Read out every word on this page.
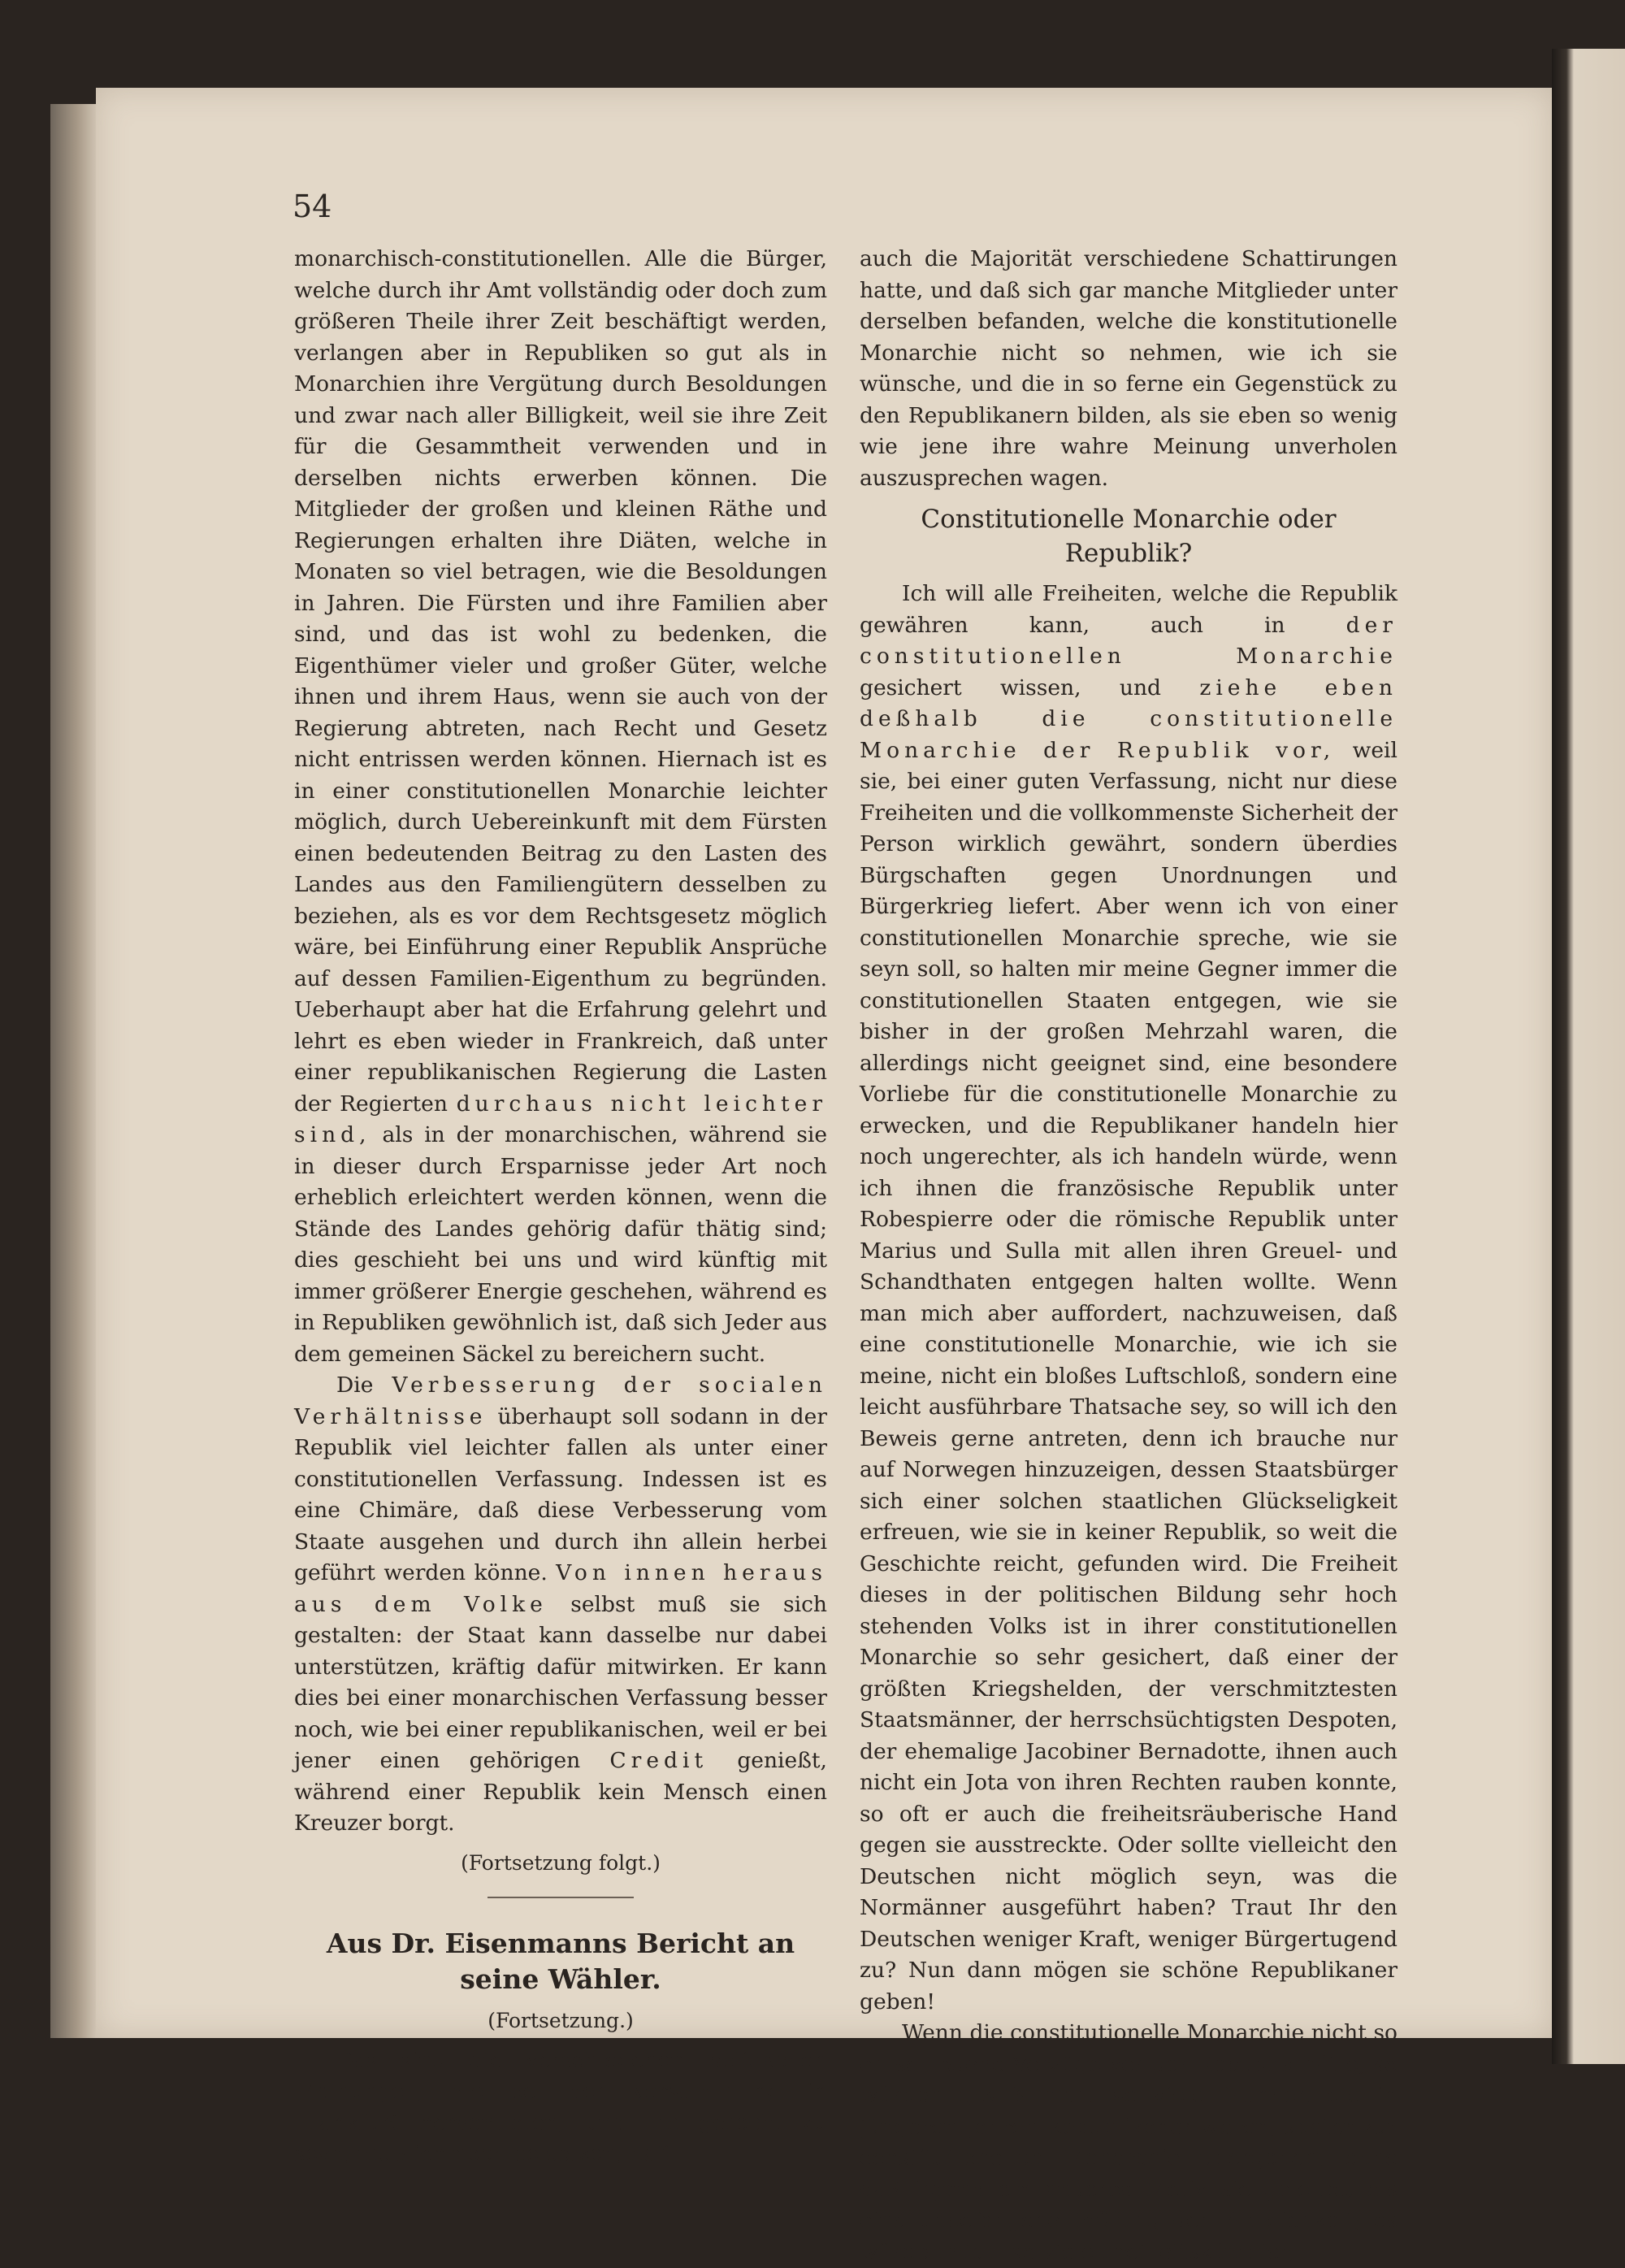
54

monarchisch-constitutionellen. Alle die Bürger, welche durch ihr Amt vollständig oder doch zum größeren Theile ihrer Zeit beschäftigt werden, verlangen aber in Republiken so gut als in Monarchien ihre Vergütung durch Besoldungen und zwar nach aller Billigkeit, weil sie ihre Zeit für die Gesammtheit verwenden und in derselben nichts erwerben können. Die Mitglieder der großen und kleinen Räthe und Regierungen erhalten ihre Diäten, welche in Monaten so viel betragen, wie die Besoldungen in Jahren. Die Fürsten und ihre Familien aber sind, und das ist wohl zu bedenken, die Eigenthümer vieler und großer Güter, welche ihnen und ihrem Haus, wenn sie auch von der Regierung abtreten, nach Recht und Gesetz nicht entrissen werden können. Hiernach ist es in einer constitutionellen Monarchie leichter möglich, durch Uebereinkunft mit dem Fürsten einen bedeutenden Beitrag zu den Lasten des Landes aus den Familiengütern desselben zu beziehen, als es vor dem Rechtsgesetz möglich wäre, bei Einführung einer Republik Ansprüche auf dessen Familien-Eigenthum zu begründen. Ueberhaupt aber hat die Erfahrung gelehrt und lehrt es eben wieder in Frankreich, daß unter einer republikanischen Regierung die Lasten der Regierten durchaus nicht leichter sind, als in der monarchischen, während sie in dieser durch Ersparnisse jeder Art noch erheblich erleichtert werden können, wenn die Stände des Landes gehörig dafür thätig sind; dies geschieht bei uns und wird künftig mit immer größerer Energie geschehen, während es in Republiken gewöhnlich ist, daß sich Jeder aus dem gemeinen Säckel zu bereichern sucht.

Die Verbesserung der socialen Verhältnisse überhaupt soll sodann in der Republik viel leichter fallen als unter einer constitutionellen Verfassung. Indessen ist es eine Chimäre, daß diese Verbesserung vom Staate ausgehen und durch ihn allein herbei geführt werden könne. Von innen heraus aus dem Volke selbst muß sie sich gestalten: der Staat kann dasselbe nur dabei unterstützen, kräftig dafür mitwirken. Er kann dies bei einer monarchischen Verfassung besser noch, wie bei einer republikanischen, weil er bei jener einen gehörigen Credit genießt, während einer Republik kein Mensch einen Kreuzer borgt.

(Fortsetzung folgt.)
Aus Dr. Eisenmanns Bericht an
seine Wähler.
(Fortsetzung.)

Das sind die verschiedenen politischen Meinungen, die bei der Versammlung in Frankfurt hervortraten, und um gerecht zu seyn, muß ich noch beisetzen, daß

auch die Majorität verschiedene Schattirungen hatte, und daß sich gar manche Mitglieder unter derselben befanden, welche die konstitutionelle Monarchie nicht so nehmen, wie ich sie wünsche, und die in so ferne ein Gegenstück zu den Republikanern bilden, als sie eben so wenig wie jene ihre wahre Meinung unverholen auszusprechen wagen.

Constitutionelle Monarchie oder Republik?

Ich will alle Freiheiten, welche die Republik gewähren kann, auch in	der constitutionellen Monarchie gesichert wissen, und ziehe eben deßhalb die constitutionelle Monarchie der Republik vor, weil sie, bei einer guten Verfassung, nicht nur diese Freiheiten und die vollkommenste Sicherheit der Person wirklich gewährt, sondern überdies Bürgschaften gegen Unordnungen und Bürgerkrieg liefert. Aber wenn ich von einer constitutionellen Monarchie spreche, wie sie seyn soll, so halten mir meine Gegner immer die constitutionellen Staaten entgegen, wie sie bisher in der großen Mehrzahl waren, die allerdings nicht geeignet sind, eine besondere Vorliebe für die constitutionelle Monarchie zu erwecken, und die Republikaner handeln hier noch ungerechter, als ich handeln würde, wenn ich ihnen die französische Republik unter Robespierre oder die römische Republik unter Marius und Sulla mit allen ihren Greuel- und Schandthaten entgegen halten wollte. Wenn man mich aber auffordert, nachzuweisen, daß eine constitutionelle Monarchie, wie ich sie meine, nicht ein bloßes Luftschloß, sondern eine leicht ausführbare Thatsache sey, so will ich den Beweis gerne antreten, denn ich brauche nur auf Norwegen hinzuzeigen, dessen Staatsbürger sich einer solchen staatlichen Glückseligkeit erfreuen, wie sie in keiner Republik, so weit die Geschichte reicht, gefunden wird. Die Freiheit dieses in der politischen Bildung sehr hoch stehenden Volks ist in ihrer constitutionellen Monarchie so sehr gesichert, daß einer der größten Kriegshelden, der verschmitztesten Staatsmänner, der herrschsüchtigsten Despoten, der ehemalige Jacobiner Bernadotte, ihnen auch nicht ein Jota von ihren Rechten rauben konnte, so oft er auch die freiheitsräuberische Hand gegen sie ausstreckte. Oder sollte vielleicht den Deutschen nicht möglich seyn, was die Normänner ausgeführt haben? Traut Ihr den Deutschen weniger Kraft, weniger Bürgertugend zu? Nun dann mögen sie schöne Republikaner geben!

Wenn die constitutionelle Monarchie nicht so entschiedene Vorzüge vor der Republik hätte, so würden gewiß nicht so viele Männer, die in jüngeren Jahren Republikaner waren, später zur constitutionellen Monarchie übergehen, ohne daß irgend ein anderes Motiv sie geleitet, als eine unbefangene Prüfung der Wirklichkeit; es würden nicht so viele Freiheitskämpfer,
